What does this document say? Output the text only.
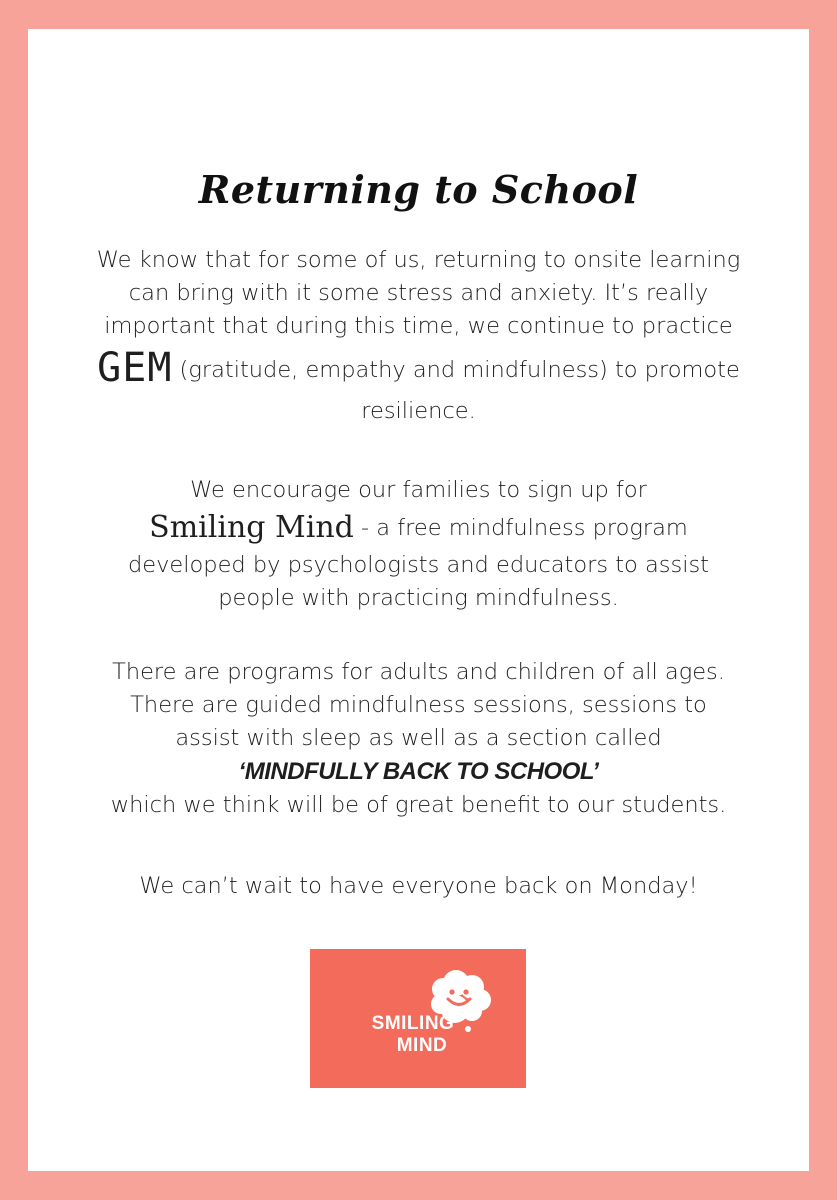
Returning to School
We know that for some of us, returning to onsite learning
can bring with it some stress and anxiety. It’s really
important that during this time, we continue to practice
GEM (gratitude, empathy and mindfulness) to promote
resilience.
We encourage our families to sign up for
Smiling Mind - a free mindfulness program
developed by psychologists and educators to assist
people with practicing mindfulness.
There are programs for adults and children of all ages.
There are guided mindfulness sessions, sessions to
assist with sleep as well as a section called
‘MINDFULLY BACK TO SCHOOL’
which we think will be of great benefit to our students.
We can’t wait to have everyone back on Monday!
SMILING
MIND
